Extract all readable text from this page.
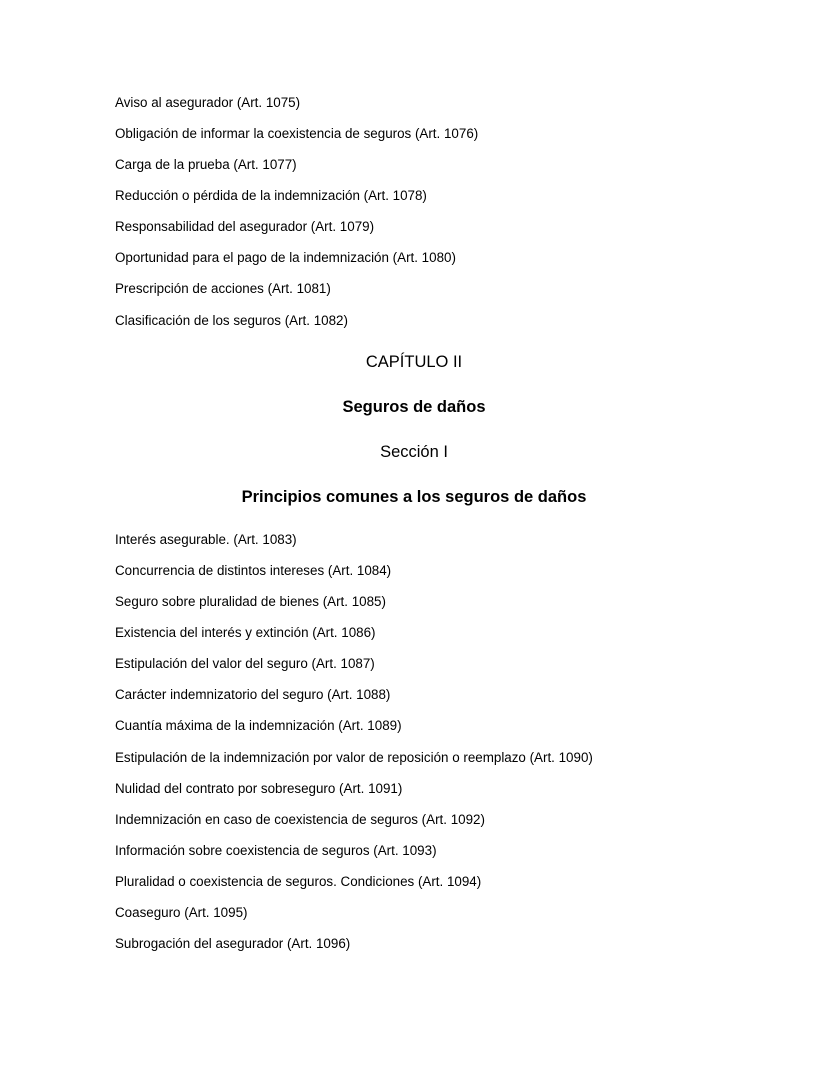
Aviso al asegurador (Art. 1075)
Obligación de informar la coexistencia de seguros (Art. 1076)
Carga de la prueba (Art. 1077)
Reducción o pérdida de la indemnización (Art. 1078)
Responsabilidad del asegurador (Art. 1079)
Oportunidad para el pago de la indemnización (Art. 1080)
Prescripción de acciones (Art. 1081)
Clasificación de los seguros (Art. 1082)
CAPÍTULO II
Seguros de daños
Sección I
Principios comunes a los seguros de daños
Interés asegurable. (Art. 1083)
Concurrencia de distintos intereses (Art. 1084)
Seguro sobre pluralidad de bienes (Art. 1085)
Existencia del interés y extinción (Art. 1086)
Estipulación del valor del seguro (Art. 1087)
Carácter indemnizatorio del seguro (Art. 1088)
Cuantía máxima de la indemnización (Art. 1089)
Estipulación de la indemnización por valor de reposición o reemplazo (Art. 1090)
Nulidad del contrato por sobreseguro (Art. 1091)
Indemnización en caso de coexistencia de seguros (Art. 1092)
Información sobre coexistencia de seguros (Art. 1093)
Pluralidad o coexistencia de seguros. Condiciones (Art. 1094)
Coaseguro (Art. 1095)
Subrogación del asegurador (Art. 1096)
